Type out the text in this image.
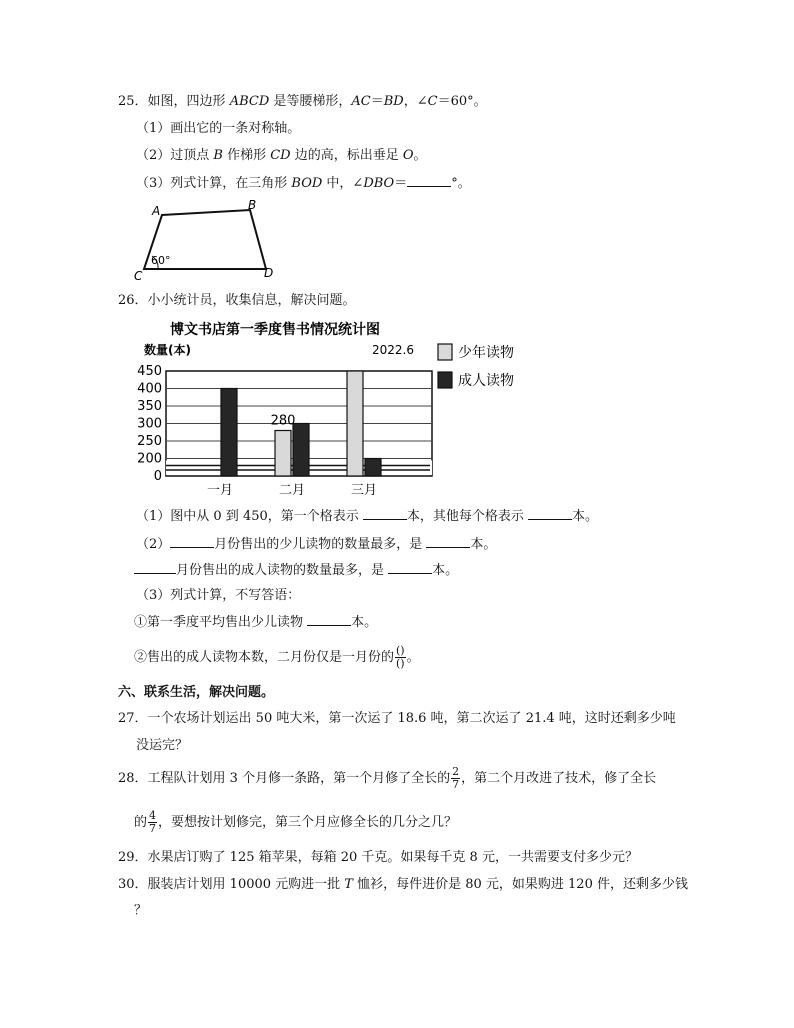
25．如图，四边形 ABCD 是等腰梯形，AC＝BD，∠C＝60°。
（1）画出它的一条对称轴。
（2）过顶点 B 作梯形 CD 边的高，标出垂足 O。
（3）列式计算，在三角形 BOD 中，∠DBO＝	°。
A	B
C	D
60°
26．小小统计员，收集信息，解决问题。
博文书店第一季度售书情况统计图
数量(本)	2022.6
0
200
250
300
350
400
450
一月	二月	三月
280
少年读物
成人读物
（1）图中从 0 到 450，第一个格表示	本，其他每个格表示	本。
（2）	月份售出的少儿读物的数量最多，是	本。
月份售出的成人读物的数量最多，是	本。
（3）列式计算，不写答语：
①第一季度平均售出少儿读物	本。
②售出的成人读物本数，二月份仅是一月份的 $\frac{()}{()}$ 。
六、联系生活，解决问题。
27．一个农场计划运出 50 吨大米，第一次运了 18.6 吨，第二次运了 21.4 吨，这时还剩多少吨
没运完？
28．工程队计划用 3 个月修一条路，第一个月修了全长的 $\frac{2}{7}$ ，第二个月改进了技术，修了全长
的 $\frac{4}{7}$ ，要想按计划修完，第三个月应修全长的几分之几？
29．水果店订购了 125 箱苹果，每箱 20 千克。如果每千克 8 元，一共需要支付多少元？
30．服装店计划用 10000 元购进一批 T 恤衫，每件进价是 80 元，如果购进 120 件，还剩多少钱
？
